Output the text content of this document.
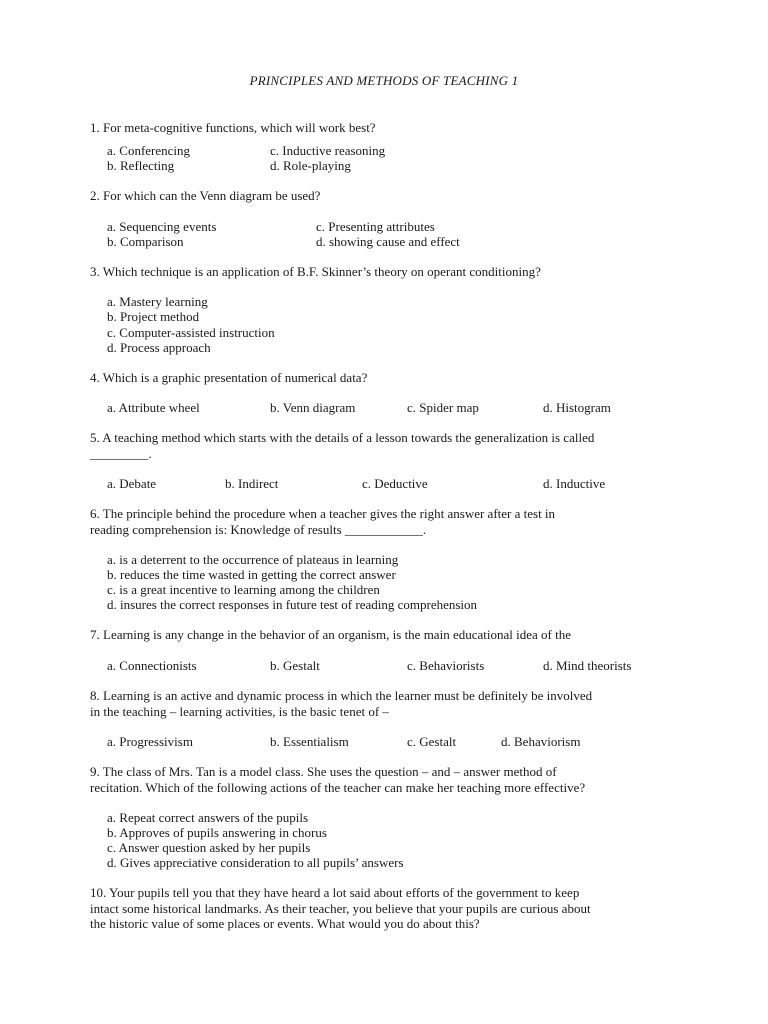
PRINCIPLES AND METHODS OF TEACHING 1
1. For meta-cognitive functions, which will work best?
a. Conferencing	c. Inductive reasoning
b. Reflecting	d. Role-playing
2. For which can the Venn diagram be used?
a. Sequencing events	c. Presenting attributes
b. Comparison	d. showing cause and effect
3. Which technique is an application of B.F. Skinner’s theory on operant conditioning?
a. Mastery learning
b. Project method
c. Computer-assisted instruction
d. Process approach
4. Which is a graphic presentation of numerical data?
a. Attribute wheel	b. Venn diagram	c. Spider map	d. Histogram
5. A teaching method which starts with the details of a lesson towards the generalization is called
_________.
a. Debate	b. Indirect	c. Deductive	d. Inductive
6. The principle behind the procedure when a teacher gives the right answer after a test in
reading comprehension is: Knowledge of results ____________.
a. is a deterrent to the occurrence of plateaus in learning
b. reduces the time wasted in getting the correct answer
c. is a great incentive to learning among the children
d. insures the correct responses in future test of reading comprehension
7. Learning is any change in the behavior of an organism, is the main educational idea of the
a. Connectionists	b. Gestalt	c. Behaviorists	d. Mind theorists
8. Learning is an active and dynamic process in which the learner must be definitely be involved
in the teaching – learning activities, is the basic tenet of –
a. Progressivism	b. Essentialism	c. Gestalt	d. Behaviorism
9. The class of Mrs. Tan is a model class. She uses the question – and – answer method of
recitation. Which of the following actions of the teacher can make her teaching more effective?
a. Repeat correct answers of the pupils
b. Approves of pupils answering in chorus
c. Answer question asked by her pupils
d. Gives appreciative consideration to all pupils’ answers
10. Your pupils tell you that they have heard a lot said about efforts of the government to keep
intact some historical landmarks. As their teacher, you believe that your pupils are curious about
the historic value of some places or events. What would you do about this?
